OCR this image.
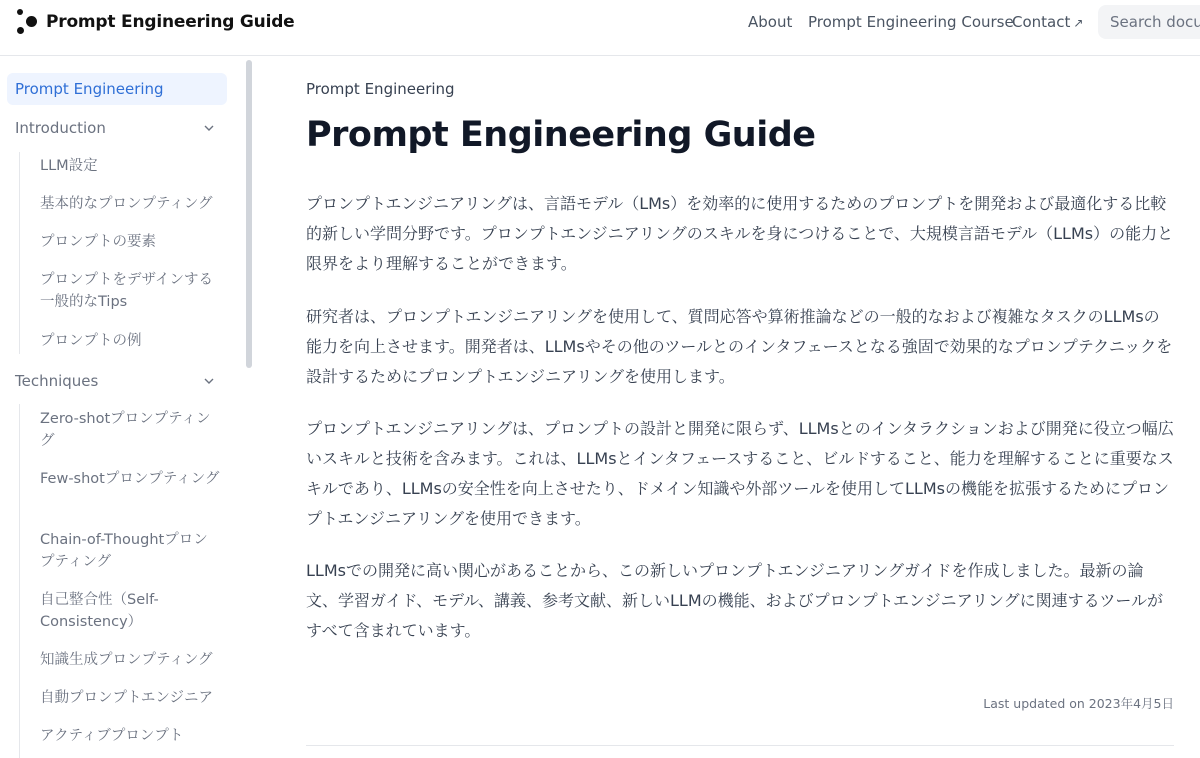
Prompt Engineering Guide	About Prompt Engineering Course
Contact ↗
Search documentation...
Prompt Engineering
Introduction
LLM設定
基本的なプロンプティング
プロンプトの要素
プロンプトをデザインする一般的なTips
プロンプトの例
Techniques
Zero-shotプロンプティング
Few-shotプロンプティング
Chain-of-Thoughtプロンプティング
自己整合性（Self-Consistency）
知識生成プロンプティング
自動プロンプトエンジニア
アクティブプロンプト
Prompt Engineering
Prompt Engineering Guide

プロンプトエンジニアリングは、言語モデル（LMs）を効率的に使用するためのプロンプトを開発および最適化する比較的新しい学問分野です。プロンプトエンジニアリングのスキルを身につけることで、大規模言語モデル（LLMs）の能力と限界をより理解することができます。

研究者は、プロンプトエンジニアリングを使用して、質問応答や算術推論などの一般的なおよび複雑なタスクのLLMsの能力を向上させます。開発者は、LLMsやその他のツールとのインタフェースとなる強固で効果的なプロンプテクニックを設計するためにプロンプトエンジニアリングを使用します。

プロンプトエンジニアリングは、プロンプトの設計と開発に限らず、LLMsとのインタラクションおよび開発に役立つ幅広いスキルと技術を含みます。これは、LLMsとインタフェースすること、ビルドすること、能力を理解することに重要なスキルであり、LLMsの安全性を向上させたり、ドメイン知識や外部ツールを使用してLLMsの機能を拡張するためにプロンプトエンジニアリングを使用できます。

LLMsでの開発に高い関心があることから、この新しいプロンプトエンジニアリングガイドを作成しました。最新の論文、学習ガイド、モデル、講義、参考文献、新しいLLMの機能、およびプロンプトエンジニアリングに関連するツールがすべて含まれています。

Last updated on 2023年4月5日
